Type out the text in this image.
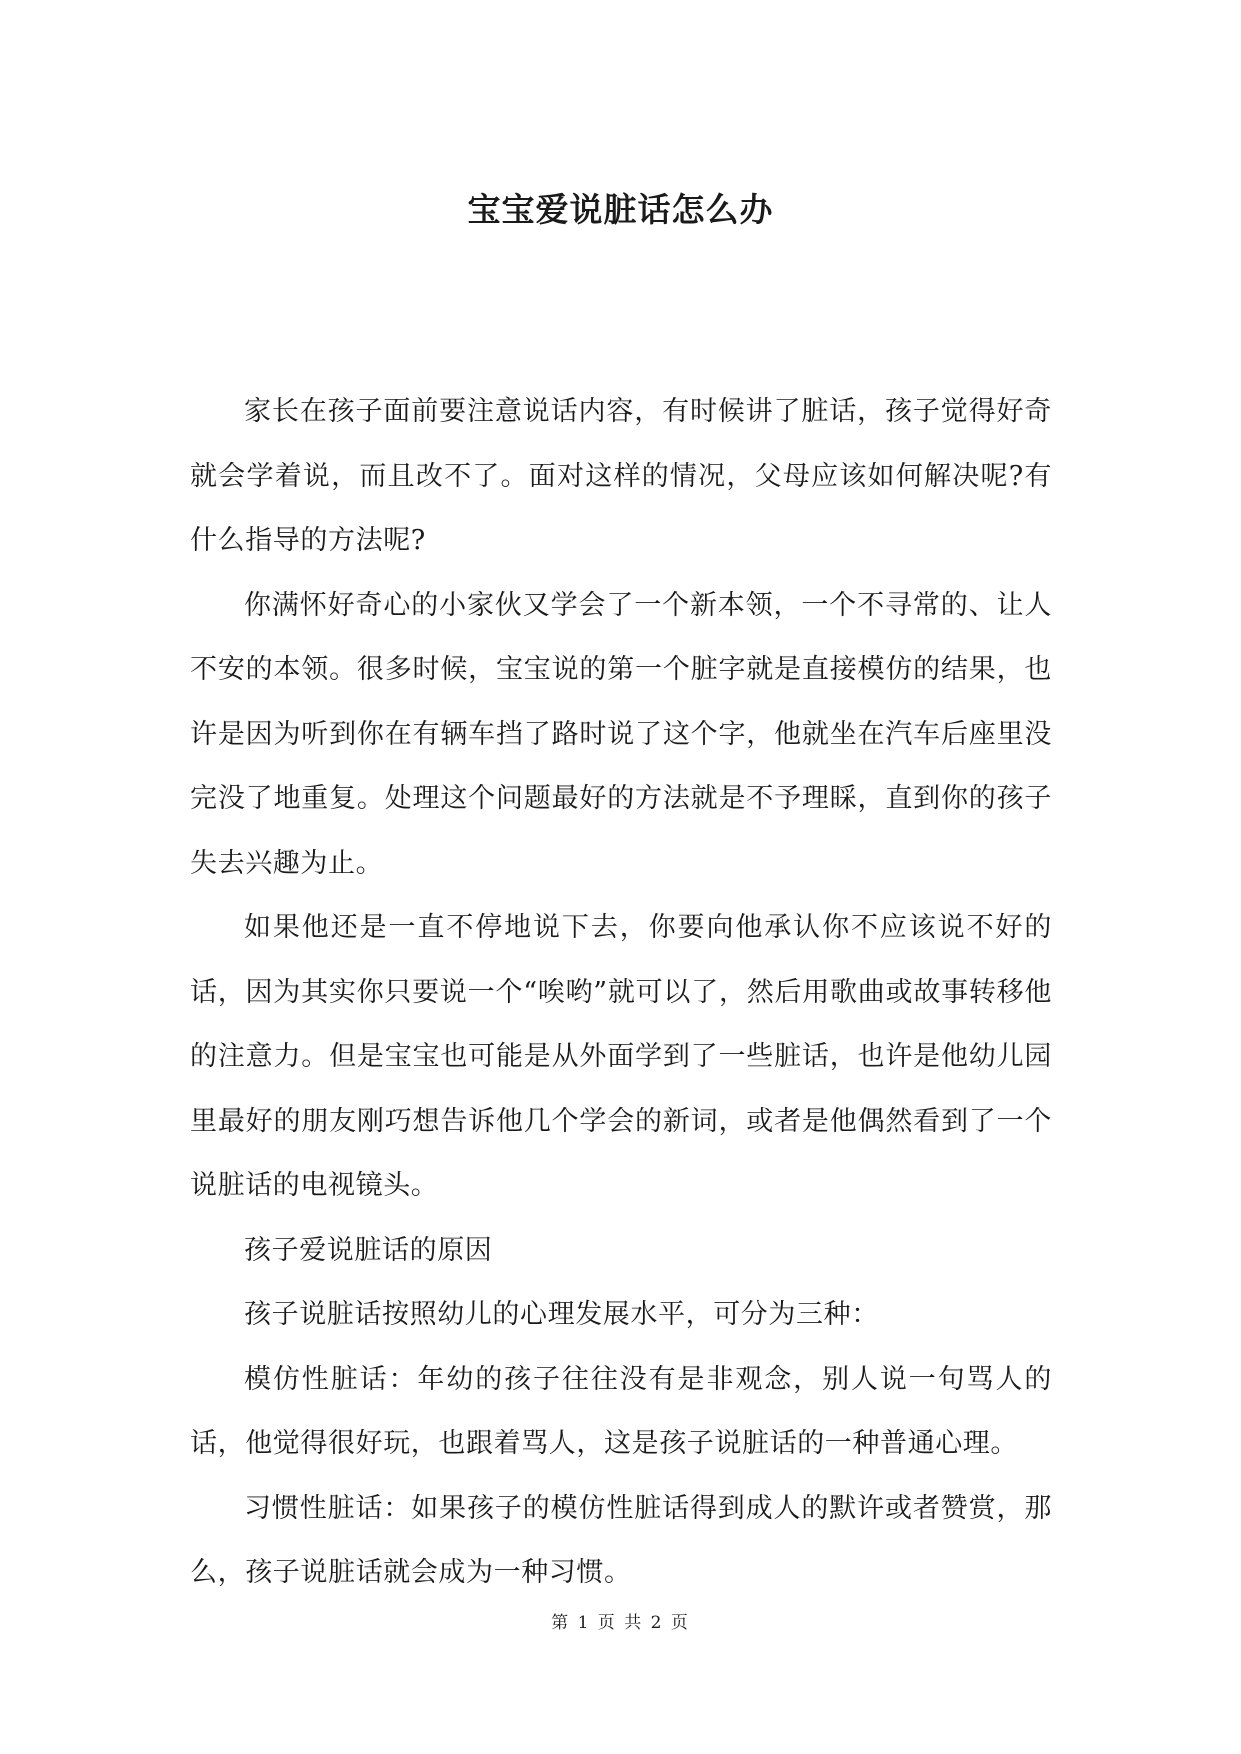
宝宝爱说脏话怎么办

家长在孩子面前要注意说话内容，有时候讲了脏话，孩子觉得好奇就会学着说，而且改不了。面对这样的情况，父母应该如何解决呢?有什么指导的方法呢?

你满怀好奇心的小家伙又学会了一个新本领，一个不寻常的、让人不安的本领。很多时候，宝宝说的第一个脏字就是直接模仿的结果，也许是因为听到你在有辆车挡了路时说了这个字，他就坐在汽车后座里没完没了地重复。处理这个问题最好的方法就是不予理睬，直到你的孩子失去兴趣为止。

如果他还是一直不停地说下去，你要向他承认你不应该说不好的话，因为其实你只要说一个“唉哟”就可以了，然后用歌曲或故事转移他的注意力。但是宝宝也可能是从外面学到了一些脏话，也许是他幼儿园里最好的朋友刚巧想告诉他几个学会的新词，或者是他偶然看到了一个说脏话的电视镜头。

孩子爱说脏话的原因

孩子说脏话按照幼儿的心理发展水平，可分为三种：

模仿性脏话：年幼的孩子往往没有是非观念，别人说一句骂人的话，他觉得很好玩，也跟着骂人，这是孩子说脏话的一种普通心理。

习惯性脏话：如果孩子的模仿性脏话得到成人的默许或者赞赏，那么，孩子说脏话就会成为一种习惯。

第 1 页 共 2 页
